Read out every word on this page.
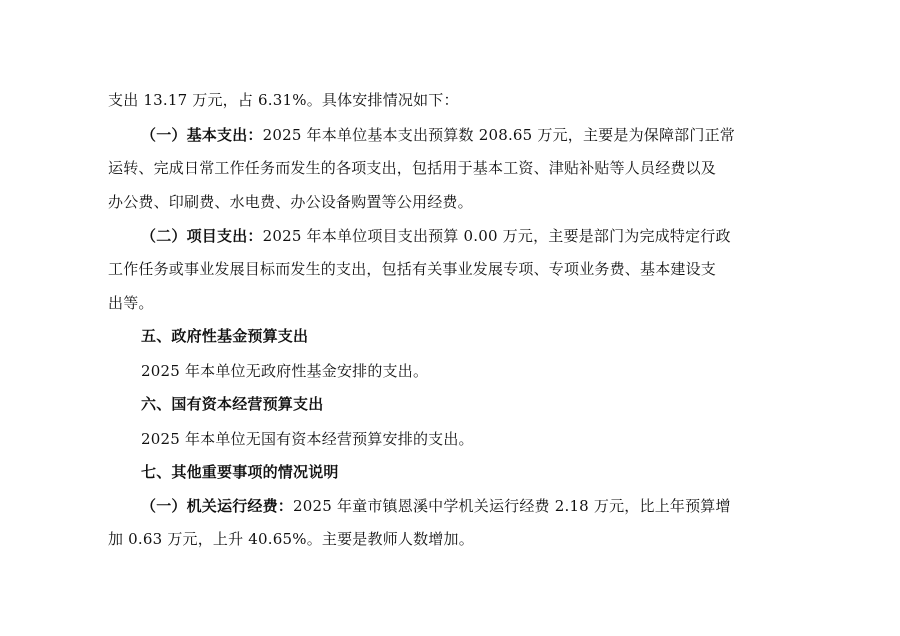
支出 13.17 万元，占 6.31%。具体安排情况如下：
（一）基本支出：2025 年本单位基本支出预算数 208.65 万元，主要是为保障部门正常
运转、完成日常工作任务而发生的各项支出，包括用于基本工资、津贴补贴等人员经费以及
办公费、印刷费、水电费、办公设备购置等公用经费。
（二）项目支出：2025 年本单位项目支出预算 0.00 万元，主要是部门为完成特定行政
工作任务或事业发展目标而发生的支出，包括有关事业发展专项、专项业务费、基本建设支
出等。
五、政府性基金预算支出
2025 年本单位无政府性基金安排的支出。
六、国有资本经营预算支出
2025 年本单位无国有资本经营预算安排的支出。
七、其他重要事项的情况说明
（一）机关运行经费：2025 年童市镇恩溪中学机关运行经费 2.18 万元，比上年预算增
加 0.63 万元，上升 40.65%。主要是教师人数增加。
